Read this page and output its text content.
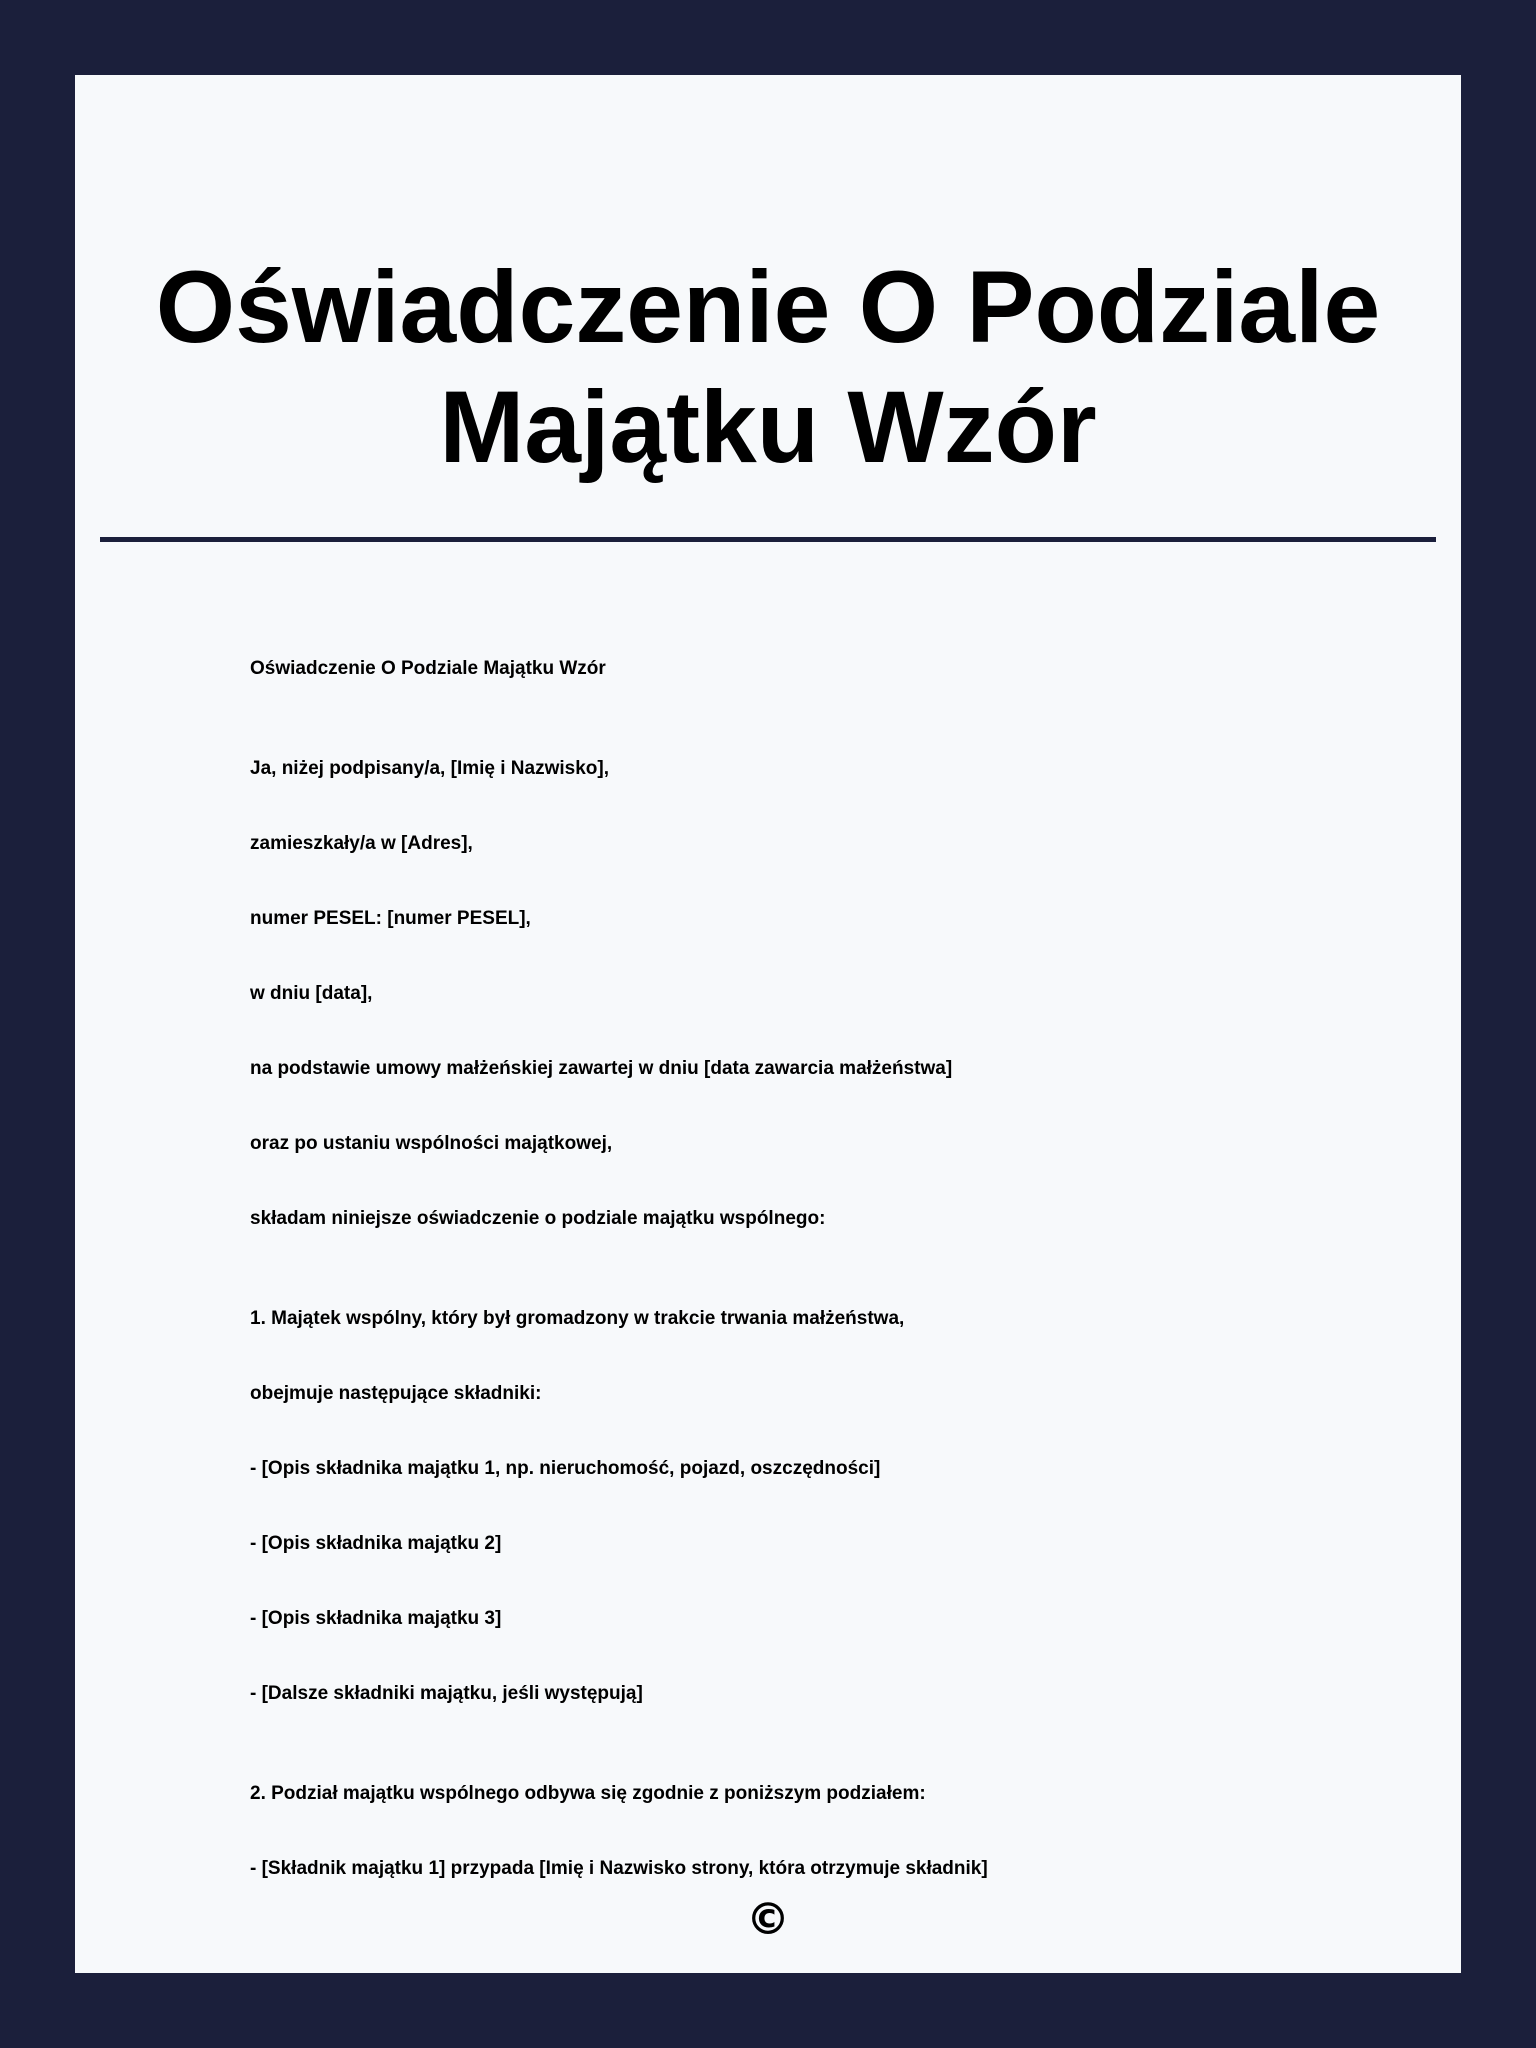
Oświadczenie O Podziale
Majątku Wzór
Oświadczenie O Podziale Majątku Wzór
Ja, niżej podpisany/a, [Imię i Nazwisko],
zamieszkały/a w [Adres],
numer PESEL: [numer PESEL],
w dniu [data],
na podstawie umowy małżeńskiej zawartej w dniu [data zawarcia małżeństwa]
oraz po ustaniu wspólności majątkowej,
składam niniejsze oświadczenie o podziale majątku wspólnego:
1. Majątek wspólny, który był gromadzony w trakcie trwania małżeństwa,
obejmuje następujące składniki:
- [Opis składnika majątku 1, np. nieruchomość, pojazd, oszczędności]
- [Opis składnika majątku 2]
- [Opis składnika majątku 3]
- [Dalsze składniki majątku, jeśli występują]
2. Podział majątku wspólnego odbywa się zgodnie z poniższym podziałem:
- [Składnik majątku 1] przypada [Imię i Nazwisko strony, która otrzymuje składnik]
©
